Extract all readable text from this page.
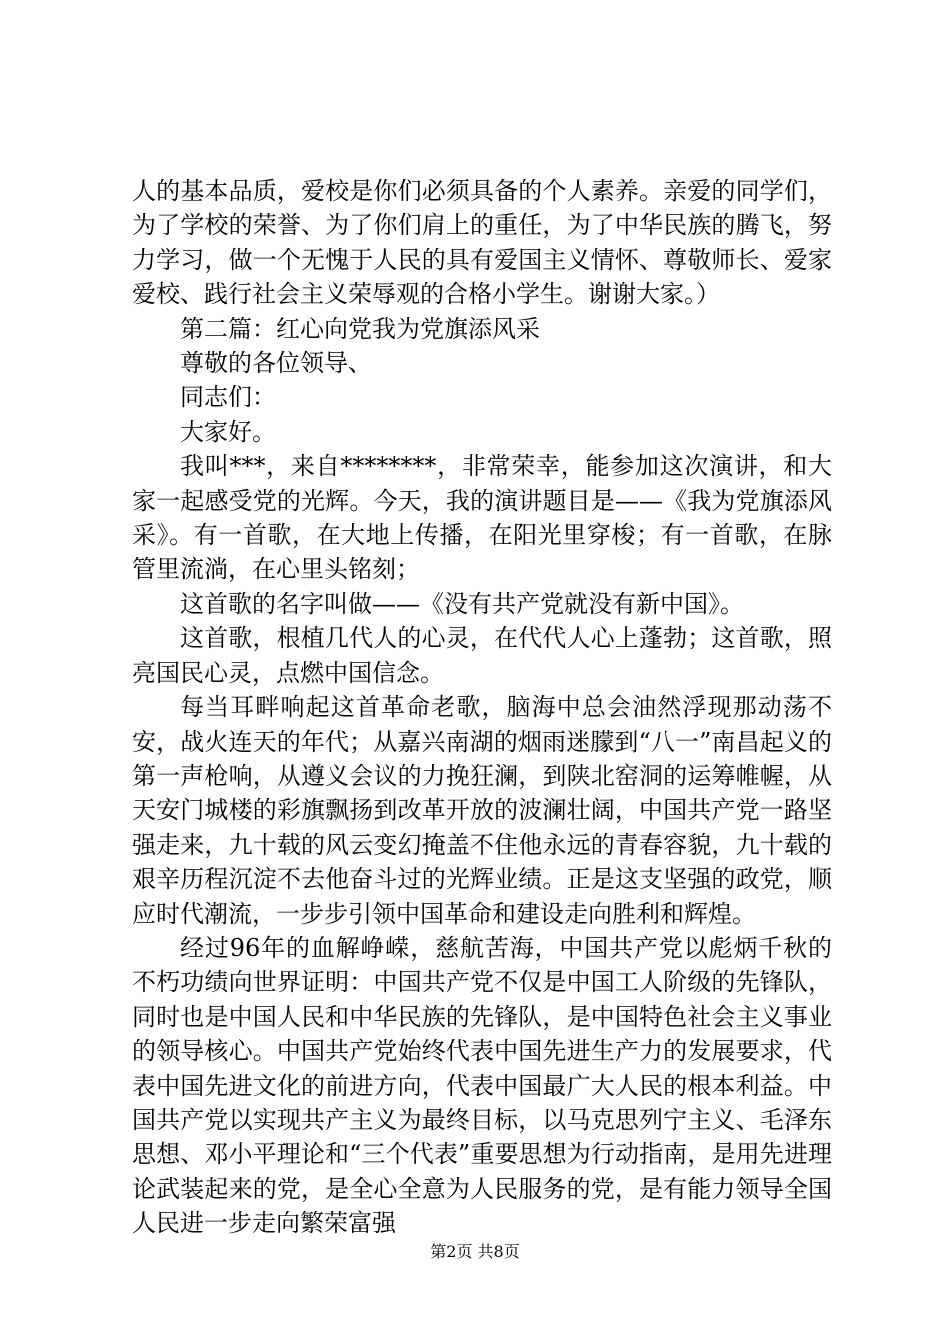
人的基本品质，爱校是你们必须具备的个人素养。亲爱的同学们，为了学校的荣誉、为了你们肩上的重任，为了中华民族的腾飞，努力学习，做一个无愧于人民的具有爱国主义情怀、尊敬师长、爱家爱校、践行社会主义荣辱观的合格小学生。谢谢大家。）

第二篇：红心向党我为党旗添风采

尊敬的各位领导、

同志们：

大家好。

我叫***，来自********，非常荣幸，能参加这次演讲，和大家一起感受党的光辉。今天，我的演讲题目是——《我为党旗添风采》。有一首歌，在大地上传播，在阳光里穿梭；有一首歌，在脉管里流淌，在心里头铭刻；

这首歌的名字叫做——《没有共产党就没有新中国》。

这首歌，根植几代人的心灵，在代代人心上蓬勃；这首歌，照亮国民心灵，点燃中国信念。

每当耳畔响起这首革命老歌，脑海中总会油然浮现那动荡不安，战火连天的年代；从嘉兴南湖的烟雨迷朦到“八一”南昌起义的第一声枪响，从遵义会议的力挽狂澜，到陕北窑洞的运筹帷幄，从天安门城楼的彩旗飘扬到改革开放的波澜壮阔，中国共产党一路坚强走来，九十载的风云变幻掩盖不住他永远的青春容貌，九十载的艰辛历程沉淀不去他奋斗过的光辉业绩。正是这支坚强的政党，顺应时代潮流，一步步引领中国革命和建设走向胜利和辉煌。

经过96年的血解峥嵘，慈航苦海，中国共产党以彪炳千秋的不朽功绩向世界证明：中国共产党不仅是中国工人阶级的先锋队，同时也是中国人民和中华民族的先锋队，是中国特色社会主义事业的领导核心。中国共产党始终代表中国先进生产力的发展要求，代表中国先进文化的前进方向，代表中国最广大人民的根本利益。中国共产党以实现共产主义为最终目标，以马克思列宁主义、毛泽东思想、邓小平理论和“三个代表”重要思想为行动指南，是用先进理论武装起来的党，是全心全意为人民服务的党，是有能力领导全国人民进一步走向繁荣富强

第2页 共8页
